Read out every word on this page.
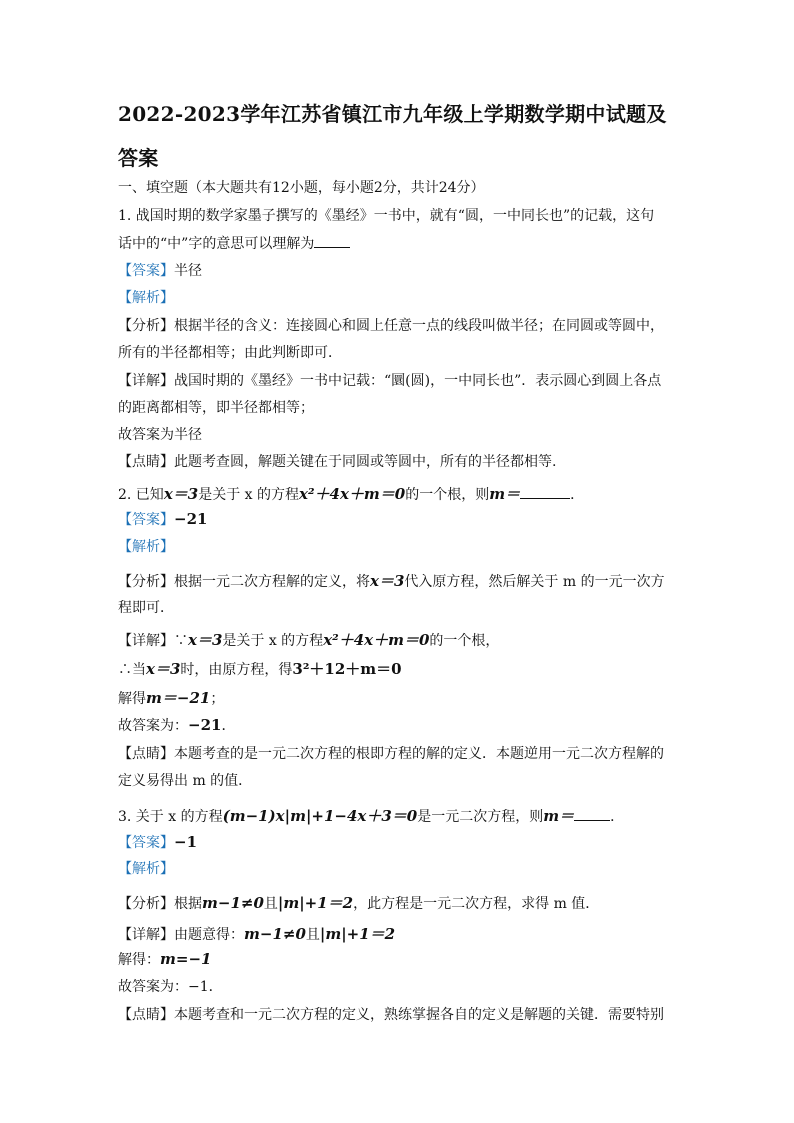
2022-2023学年江苏省镇江市九年级上学期数学期中试题及
答案
一、填空题（本大题共有12小题，每小题2分，共计24分）
1. 战国时期的数学家墨子撰写的《墨经》一书中，就有“圆，一中同长也”的记载，这句
话中的“中”字的意思可以理解为
【答案】半径
【解析】
【分析】根据半径的含义：连接圆心和圆上任意一点的线段叫做半径；在同圆或等圆中，
所有的半径都相等；由此判断即可．
【详解】战国时期的《墨经》一书中记载：“圜(圆)，一中同长也”．表示圆心到圆上各点
的距离都相等，即半径都相等；
故答案为半径
【点睛】此题考查圆，解题关键在于同圆或等圆中，所有的半径都相等.
2. 已知x＝3是关于 x 的方程x²＋4x＋m＝0的一个根，则m＝	．
【答案】−21
【解析】
【分析】根据一元二次方程解的定义，将x＝3代入原方程，然后解关于 m 的一元一次方
程即可．
【详解】∵x＝3是关于 x 的方程x²＋4x＋m＝0的一个根，
∴当x＝3时，由原方程，得3²＋12＋m＝0
解得m＝−21；
故答案为：−21．
【点睛】本题考查的是一元二次方程的根即方程的解的定义．本题逆用一元二次方程解的
定义易得出 m 的值．
3. 关于 x 的方程(m−1)x|m|+1−4x＋3＝0是一元二次方程，则m＝	．
【答案】−1
【解析】
【分析】根据m−1≠0且|m|+1＝2，此方程是一元二次方程，求得 m 值．
【详解】由题意得：m−1≠0且|m|+1＝2
解得：m=−1
故答案为：−1．
【点睛】本题考查和一元二次方程的定义，熟练掌握各自的定义是解题的关键．需要特别
